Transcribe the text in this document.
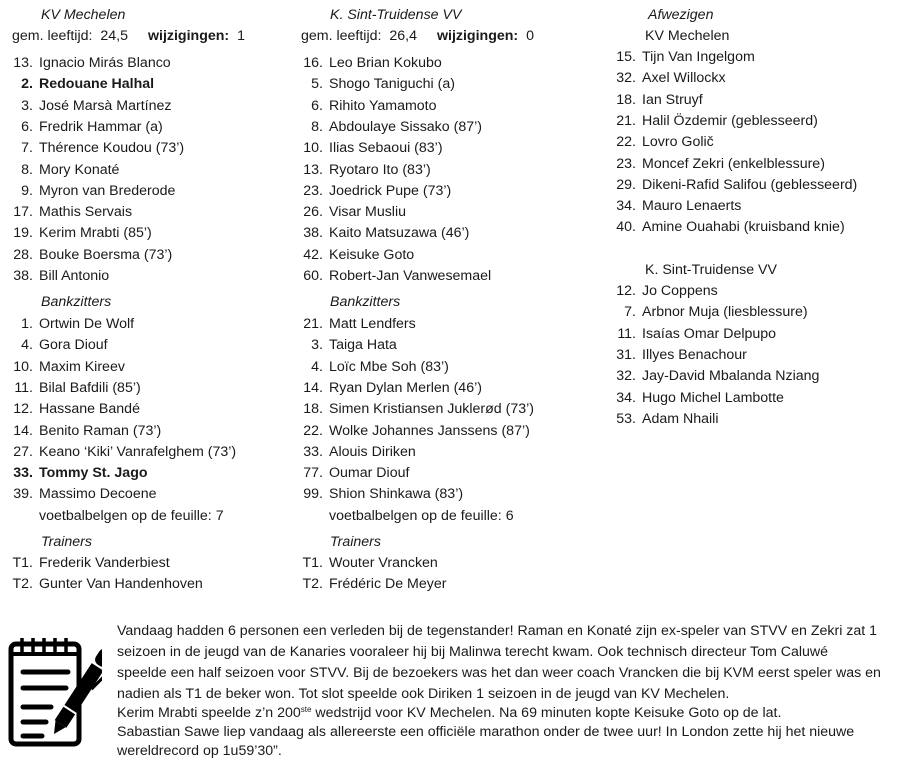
KV Mechelen
gem. leeftijd: 24,5 wijzigingen: 1
13. Ignacio Mirás Blanco
2. Redouane Halhal
3. José Marsà Martínez
6. Fredrik Hammar (a)
7. Thérence Koudou (73’)
8. Mory Konaté
9. Myron van Brederode
17. Mathis Servais
19. Kerim Mrabti (85’)
28. Bouke Boersma (73’)
38. Bill Antonio
Bankzitters
1. Ortwin De Wolf
4. Gora Diouf
10. Maxim Kireev
11. Bilal Bafdili (85’)
12. Hassane Bandé
14. Benito Raman (73’)
27. Keano ‘Kiki’ Vanrafelghem (73’)
33. Tommy St. Jago
39. Massimo Decoene
voetbalbelgen op de feuille: 7
Trainers
T1. Frederik Vanderbiest
T2. Gunter Van Handenhoven
K. Sint-Truidense VV
gem. leeftijd: 26,4 wijzigingen: 0
16. Leo Brian Kokubo
5. Shogo Taniguchi (a)
6. Rihito Yamamoto
8. Abdoulaye Sissako (87’)
10. Ilias Sebaoui (83’)
13. Ryotaro Ito (83’)
23. Joedrick Pupe (73’)
26. Visar Musliu
38. Kaito Matsuzawa (46’)
42. Keisuke Goto
60. Robert-Jan Vanwesemael
Bankzitters
21. Matt Lendfers
3. Taiga Hata
4. Loïc Mbe Soh (83’)
14. Ryan Dylan Merlen (46’)
18. Simen Kristiansen Juklerød (73’)
22. Wolke Johannes Janssens (87’)
33. Alouis Diriken
77. Oumar Diouf
99. Shion Shinkawa (83’)
voetbalbelgen op de feuille: 6
Trainers
T1. Wouter Vrancken
T2. Frédéric De Meyer
Afwezigen
KV Mechelen
15. Tijn Van Ingelgom
32. Axel Willockx
18. Ian Struyf
21. Halil Özdemir (geblesseerd)
22. Lovro Golič
23. Moncef Zekri (enkelblessure)
29. Dikeni-Rafid Salifou (geblesseerd)
34. Mauro Lenaerts
40. Amine Ouahabi (kruisband knie)
K. Sint-Truidense VV
12. Jo Coppens
7. Arbnor Muja (liesblessure)
11. Isaías Omar Delpupo
31. Illyes Benachour
32. Jay-David Mbalanda Nziang
34. Hugo Michel Lambotte
53. Adam Nhaili
Vandaag hadden 6 personen een verleden bij de tegenstander! Raman en Konaté zijn ex-speler van STVV en Zekri zat 1
seizoen in de jeugd van de Kanaries vooraleer hij bij Malinwa terecht kwam. Ook technisch directeur Tom Caluwé
speelde een half seizoen voor STVV. Bij de bezoekers was het dan weer coach Vrancken die bij KVM eerst speler was en
nadien als T1 de beker won. Tot slot speelde ook Diriken 1 seizoen in de jeugd van KV Mechelen.
Kerim Mrabti speelde z’n 200ste wedstrijd voor KV Mechelen. Na 69 minuten kopte Keisuke Goto op de lat.
Sabastian Sawe liep vandaag als allereerste een officiële marathon onder de twee uur! In London zette hij het nieuwe
wereldrecord op 1u59’30”.
